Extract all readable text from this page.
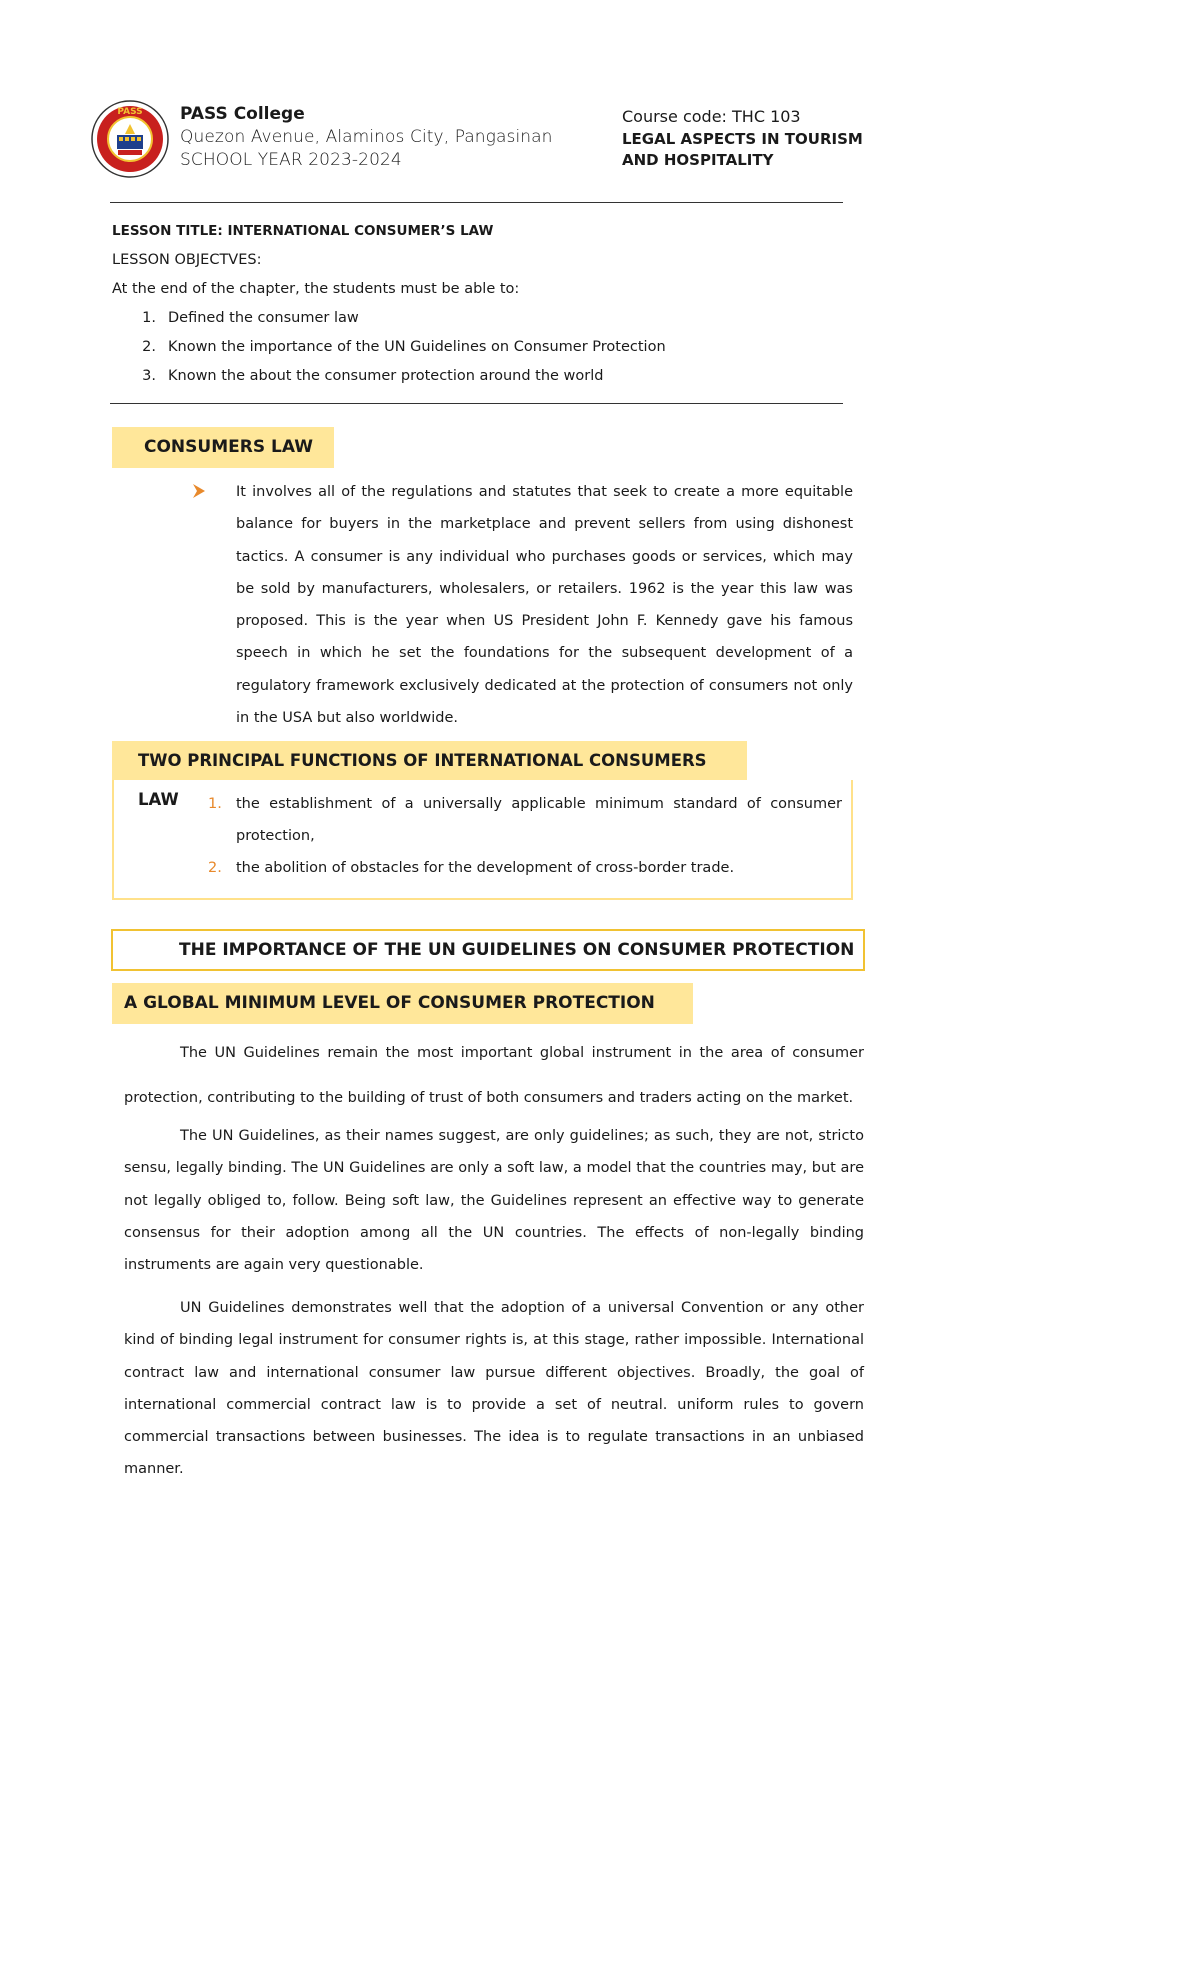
PASS PASS College
Quezon Avenue, Alaminos City, Pangasinan
SCHOOL YEAR 2023-2024
Course code: THC 103
LEGAL ASPECTS IN TOURISM AND HOSPITALITY
LESSON TITLE: INTERNATIONAL CONSUMER’S LAW
LESSON OBJECTVES:
At the end of the chapter, the students must be able to:
1. Defined the consumer law
2. Known the importance of the UN Guidelines on Consumer Protection
3. Known the about the consumer protection around the world
CONSUMERS LAW
It involves all of the regulations and statutes that seek to create a more equitable balance for buyers in the marketplace and prevent sellers from using dishonest tactics. A consumer is any individual who purchases goods or services, which may be sold by manufacturers, wholesalers, or retailers. 1962 is the year this law was proposed. This is the year when US President John F. Kennedy gave his famous speech in which he set the foundations for the subsequent development of a regulatory framework exclusively dedicated at the protection of consumers not only in the USA but also worldwide.
TWO PRINCIPAL FUNCTIONS OF INTERNATIONAL CONSUMERS LAW	1. the establishment of a universally applicable minimum standard of consumer protection,
2. the abolition of obstacles for the development of cross-border trade.
THE IMPORTANCE OF THE UN GUIDELINES ON CONSUMER PROTECTION
A GLOBAL MINIMUM LEVEL OF CONSUMER PROTECTION

The UN Guidelines remain the most important global instrument in the area of consumer protection, contributing to the building of trust of both consumers and traders acting on the market.

The UN Guidelines, as their names suggest, are only guidelines; as such, they are not, stricto sensu, legally binding. The UN Guidelines are only a soft law, a model that the countries may, but are not legally obliged to, follow. Being soft law, the Guidelines represent an effective way to generate consensus for their adoption among all the UN countries. The effects of non-legally binding instruments are again very questionable.

UN Guidelines demonstrates well that the adoption of a universal Convention or any other kind of binding legal instrument for consumer rights is, at this stage, rather impossible. International contract law and international consumer law pursue different objectives. Broadly, the goal of international commercial contract law is to provide a set of neutral. uniform rules to govern commercial transactions between businesses. The idea is to regulate transactions in an unbiased manner.
